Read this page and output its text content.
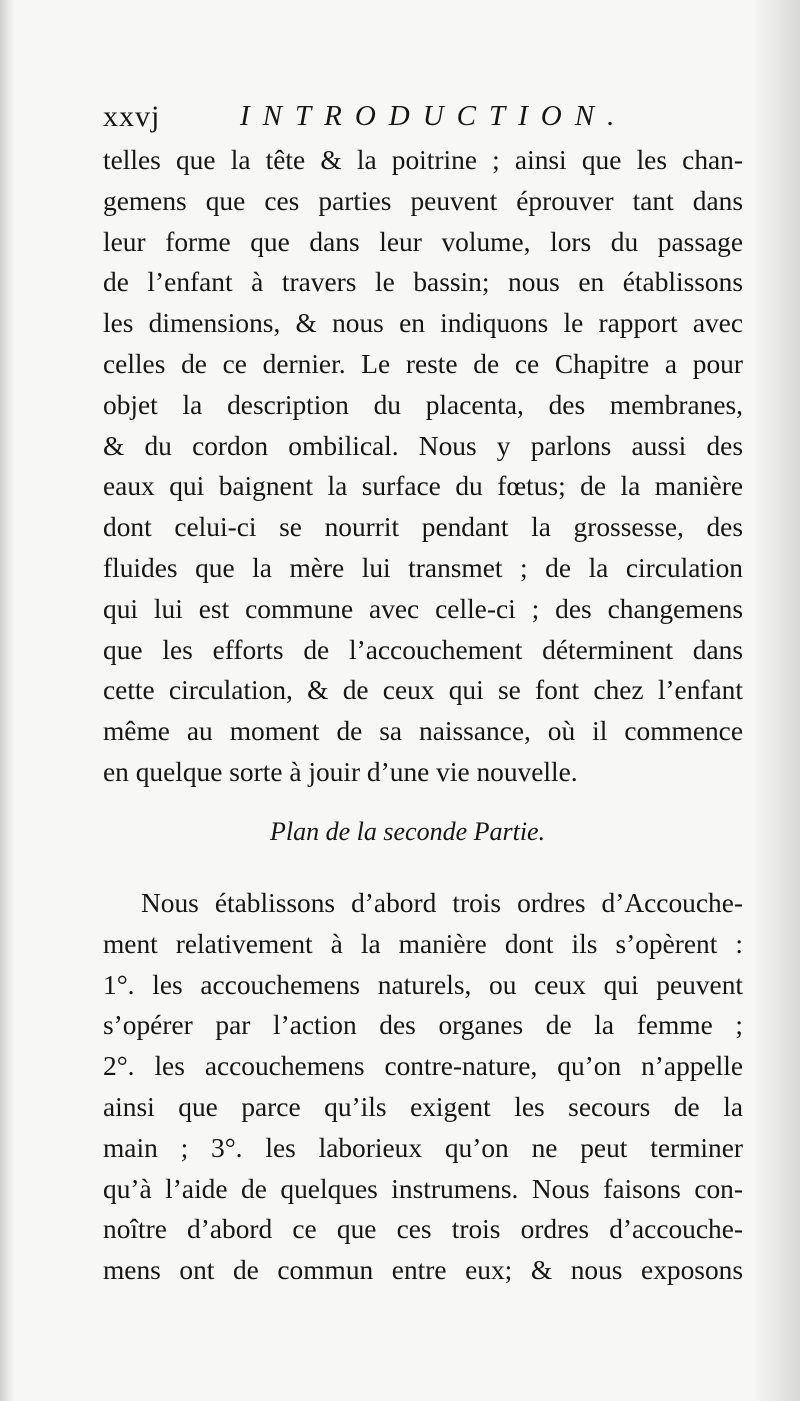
xxvj	INTRODUCTION.
telles que la tête & la poitrine ; ainsi que les chan-
gemens que ces parties peuvent éprouver tant dans
leur forme que dans leur volume, lors du passage
de l’enfant à travers le bassin; nous en établissons
les dimensions, & nous en indiquons le rapport avec
celles de ce dernier. Le reste de ce Chapitre a pour
objet la description du placenta, des membranes,
& du cordon ombilical. Nous y parlons aussi des
eaux qui baignent la surface du fœtus; de la manière
dont celui-ci se nourrit pendant la grossesse, des
fluides que la mère lui transmet ; de la circulation
qui lui est commune avec celle-ci ; des changemens
que les efforts de l’accouchement déterminent dans
cette circulation, & de ceux qui se font chez l’enfant
même au moment de sa naissance, où il commence
en quelque sorte à jouir d’une vie nouvelle.
Plan de la seconde Partie.
Nous établissons d’abord trois ordres d’Accouche-
ment relativement à la manière dont ils s’opèrent :
1°. les accouchemens naturels, ou ceux qui peuvent
s’opérer par l’action des organes de la femme ;
2°. les accouchemens contre-nature, qu’on n’appelle
ainsi que parce qu’ils exigent les secours de la
main ; 3°. les laborieux qu’on ne peut terminer
qu’à l’aide de quelques instrumens. Nous faisons con-
noître d’abord ce que ces trois ordres d’accouche-
mens ont de commun entre eux; & nous exposons
